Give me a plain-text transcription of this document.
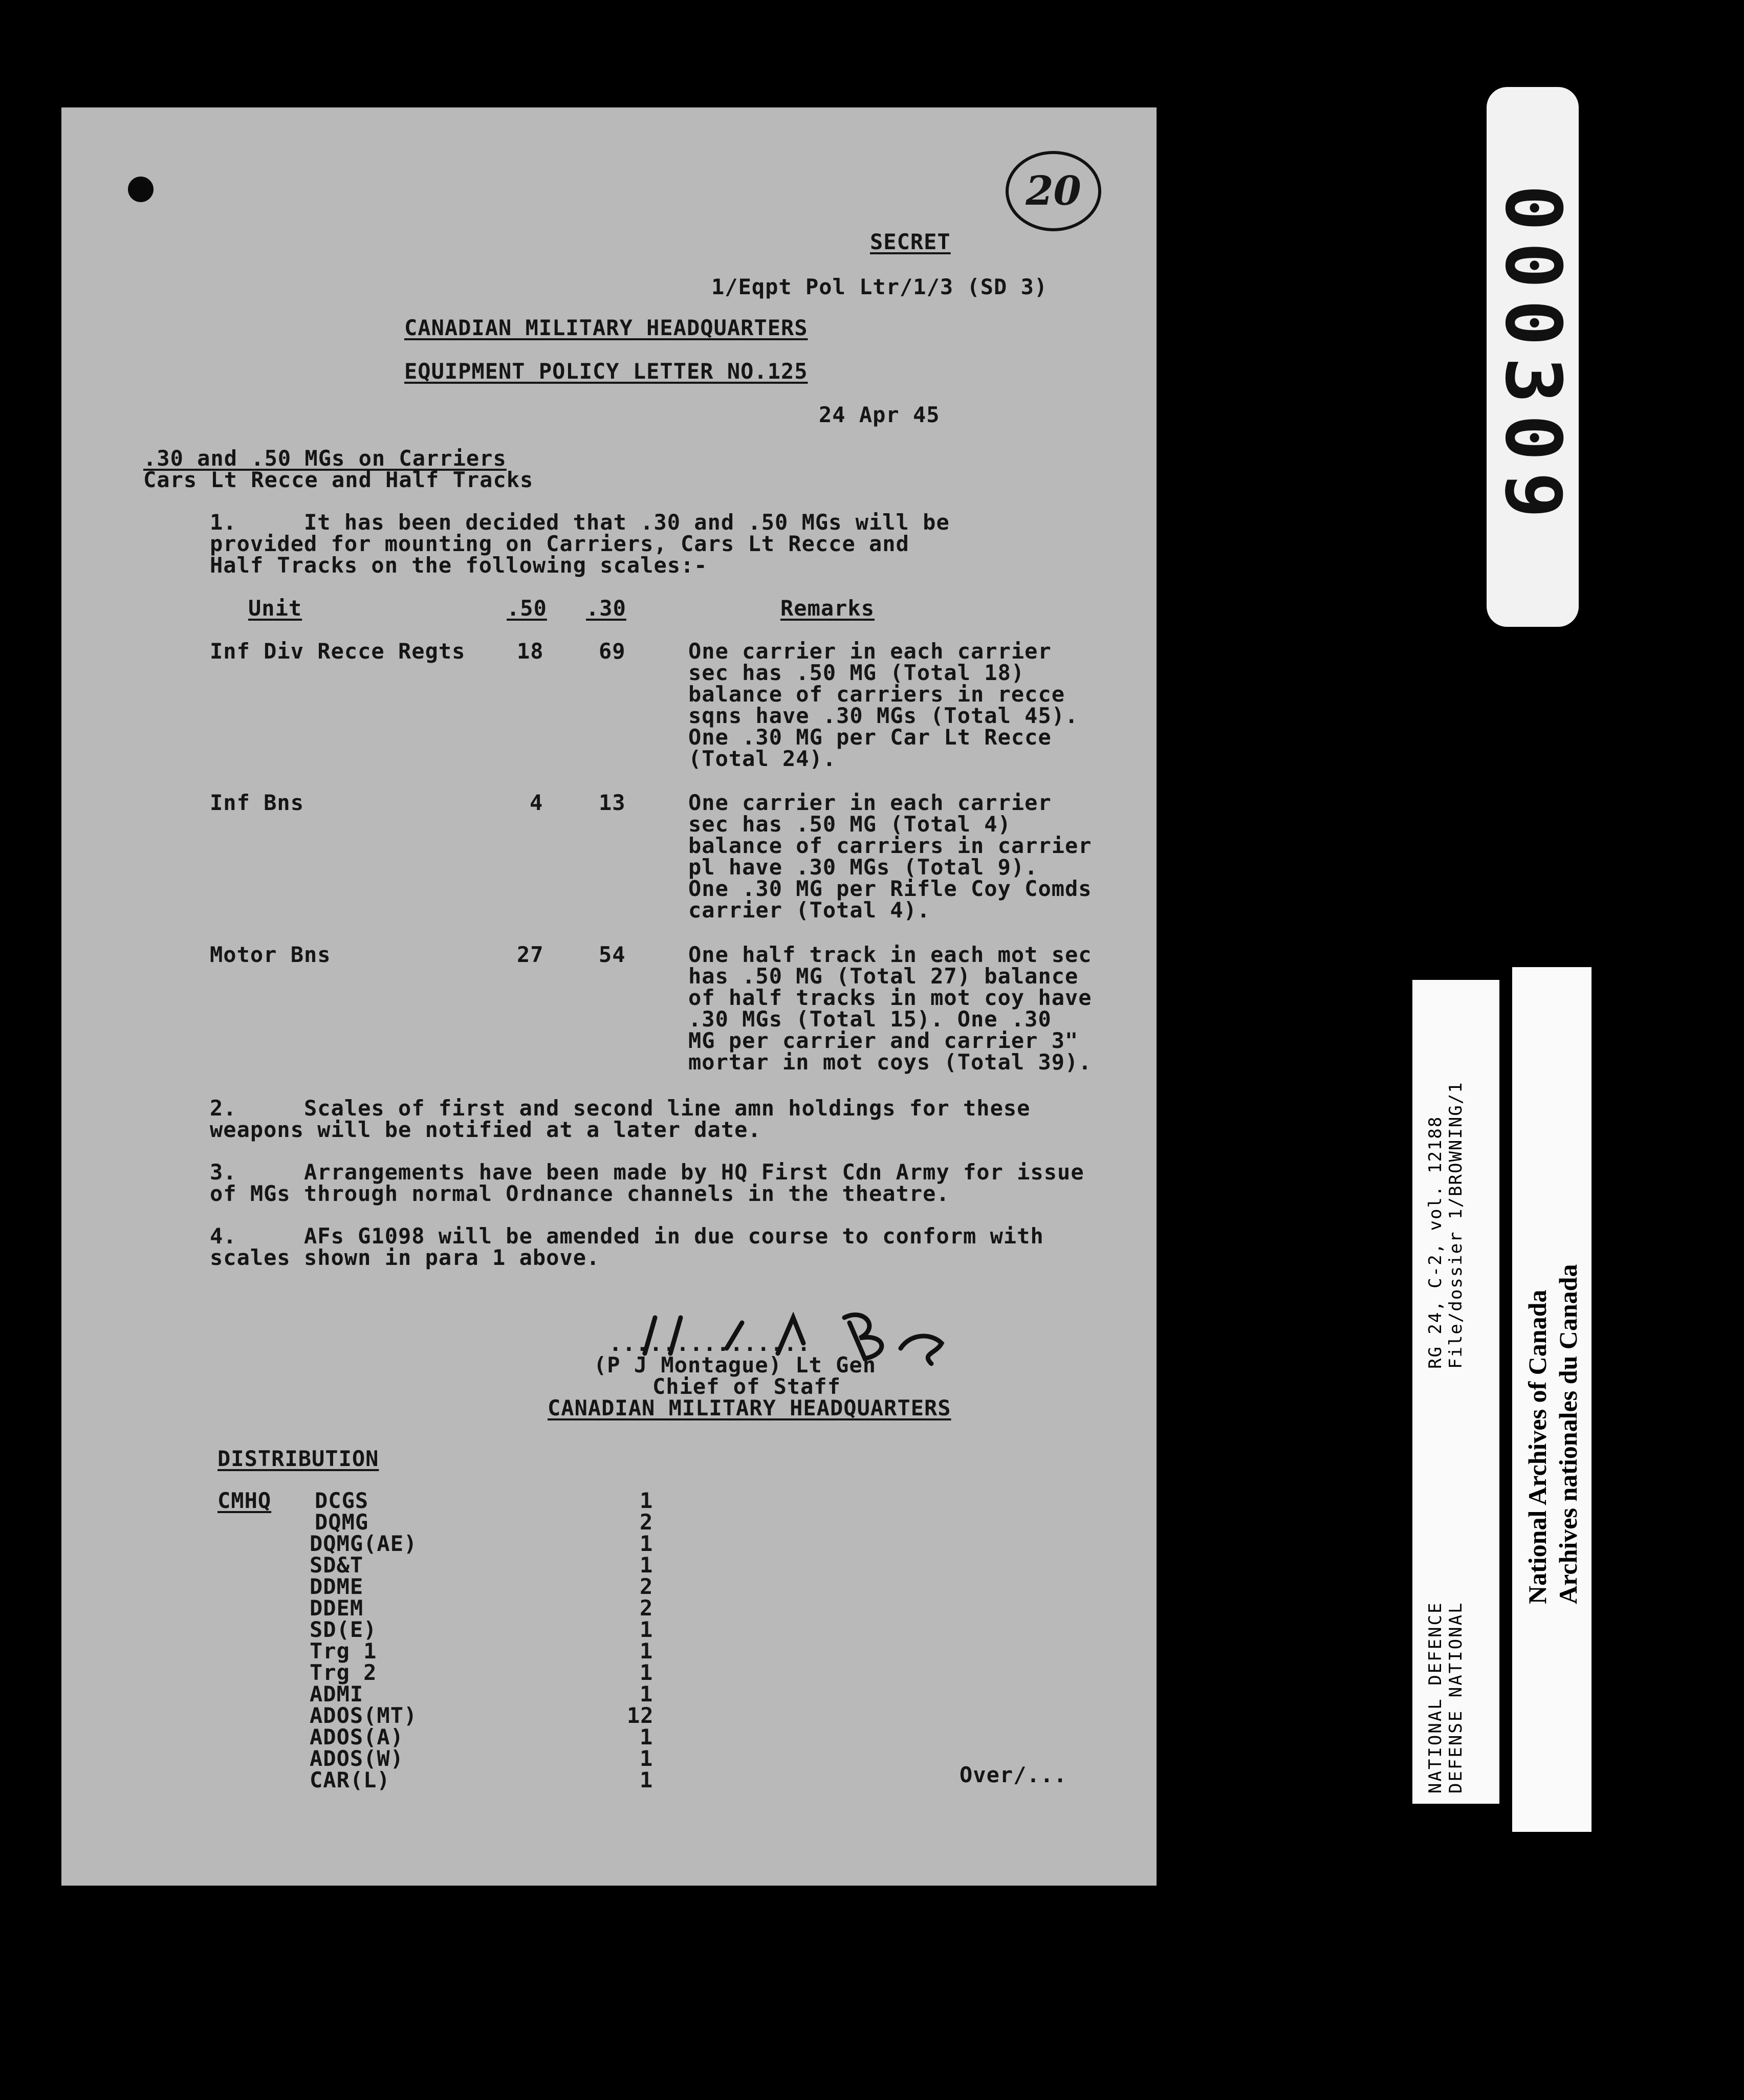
20
SECRET
1/Eqpt Pol Ltr/1/3 (SD 3)
CANADIAN MILITARY HEADQUARTERS
EQUIPMENT POLICY LETTER NO.125
24 Apr 45
.30 and .50 MGs on Carriers
Cars Lt Recce and Half Tracks
1.     It has been decided that .30 and .50 MGs will be
provided for mounting on Carriers, Cars Lt Recce and
Half Tracks on the following scales:-
Unit	.50 .30	Remarks
Inf Div Recce Regts 18	69	One carrier in each carrier
sec has .50 MG (Total 18)
balance of carriers in recce
sqns have .30 MGs (Total 45).
One .30 MG per Car Lt Recce
(Total 24).
Inf Bns	4	13	One carrier in each carrier
sec has .50 MG (Total 4)
balance of carriers in carrier
pl have .30 MGs (Total 9).
One .30 MG per Rifle Coy Comds
carrier (Total 4).
Motor Bns	27	54	One half track in each mot sec
has .50 MG (Total 27) balance
of half tracks in mot coy have
.30 MGs (Total 15). One .30
MG per carrier and carrier 3"
mortar in mot coys (Total 39).
2.     Scales of first and second line amn holdings for these
weapons will be notified at a later date.
3.     Arrangements have been made by HQ First Cdn Army for issue
of MGs through normal Ordnance channels in the theatre.
4.     AFs G1098 will be amended in due course to conform with
scales shown in para 1 above.
...............
(P J Montague) Lt Gen
Chief of Staff
CANADIAN MILITARY HEADQUARTERS
DISTRIBUTION
CMHQ DCGS	1
DQMG	2
DQMG(AE)	1
SD&T	1
DDME	2
DDEM	2
SD(E)	1
Trg 1	1
Trg 2	1
ADMI	1
ADOS(MT)	12
ADOS(A)	1
ADOS(W)	1
CAR(L)	1	Over/...
000309
NATIONAL DEFENCE DEFENSE NATIONAL
RG 24, C-2, vol. 12188 File/dossier 1/BROWNING/1
National Archives of Canada Archives nationales du Canada
